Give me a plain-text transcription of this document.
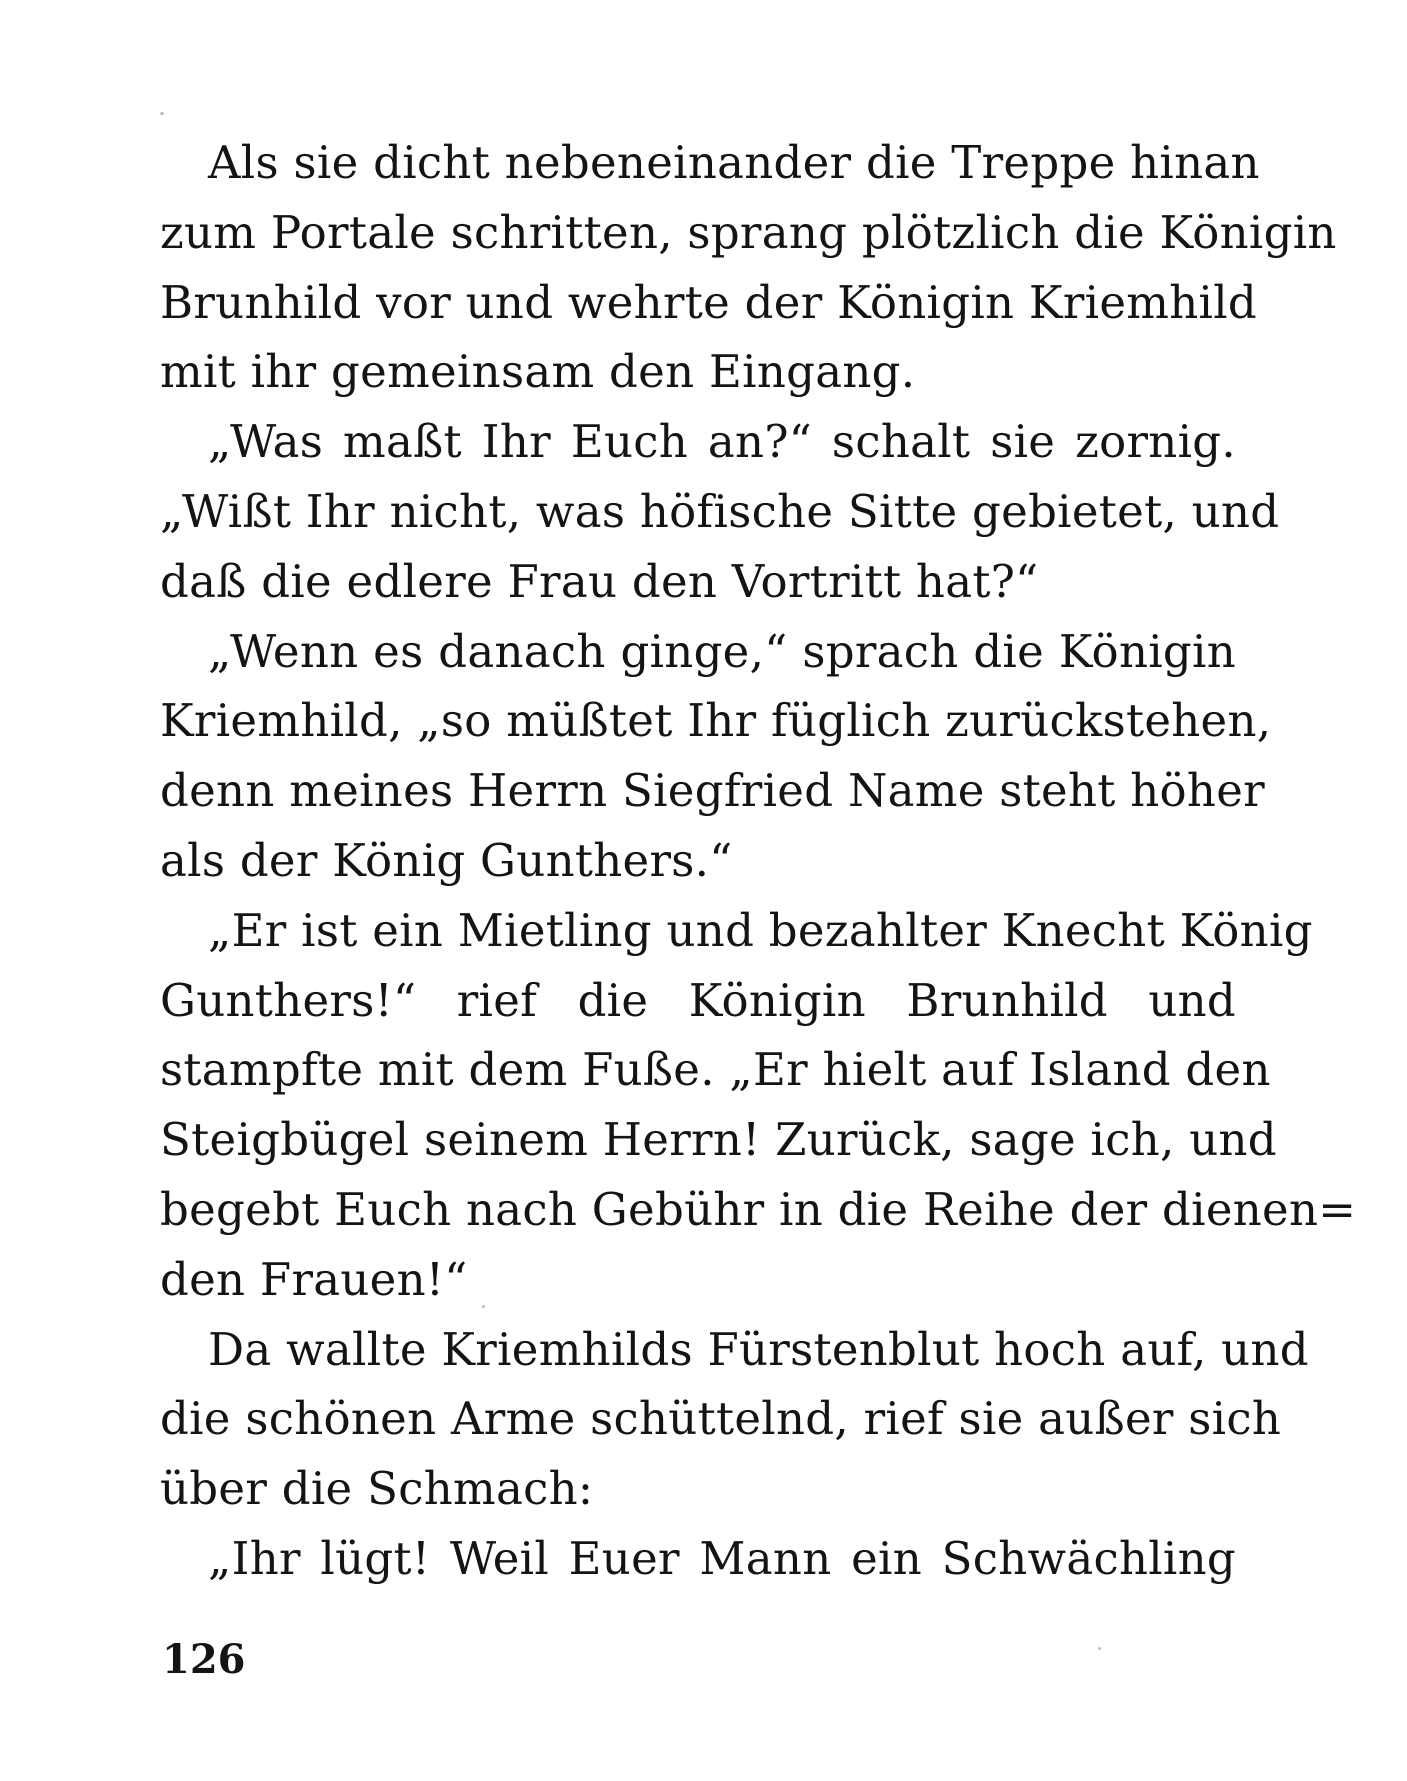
Als sie dicht nebeneinander die Treppe hinan
zum Portale schritten, sprang plötzlich die Königin
Brunhild vor und wehrte der Königin Kriemhild
mit ihr gemeinsam den Eingang.
„Was maßt Ihr Euch an?“ schalt sie zornig.
„Wißt Ihr nicht, was höfische Sitte gebietet, und
daß die edlere Frau den Vortritt hat?“
„Wenn es danach ginge,“ sprach die Königin
Kriemhild, „so müßtet Ihr füglich zurückstehen,
denn meines Herrn Siegfried Name steht höher
als der König Gunthers.“
„Er ist ein Mietling und bezahlter Knecht König
Gunthers!“ rief die Königin Brunhild und
stampfte mit dem Fuße. „Er hielt auf Island den
Steigbügel seinem Herrn! Zurück, sage ich, und
begebt Euch nach Gebühr in die Reihe der dienen=
den Frauen!“
Da wallte Kriemhilds Fürstenblut hoch auf, und
die schönen Arme schüttelnd, rief sie außer sich
über die Schmach:
„Ihr lügt! Weil Euer Mann ein Schwächling
126
